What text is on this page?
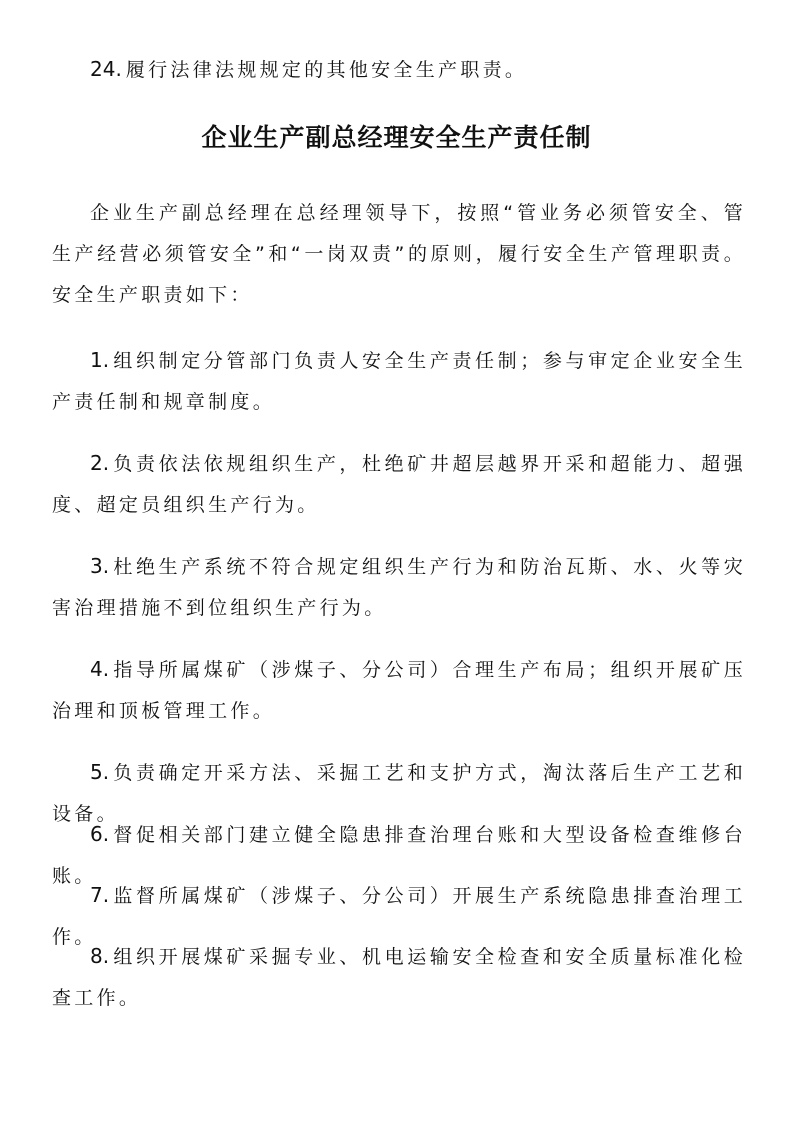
24. 履行法律法规规定的其他安全生产职责。

企业生产副总经理安全生产责任制

企业生产副总经理在总经理领导下，按照“管业务必须管安全、管生产经营必须管安全”和“一岗双责”的原则，履行安全生产管理职责。安全生产职责如下：

1. 组织制定分管部门负责人安全生产责任制；参与审定企业安全生产责任制和规章制度。

2. 负责依法依规组织生产，杜绝矿井超层越界开采和超能力、超强度、超定员组织生产行为。

3. 杜绝生产系统不符合规定组织生产行为和防治瓦斯、水、火等灾害治理措施不到位组织生产行为。

4. 指导所属煤矿（涉煤子、分公司）合理生产布局；组织开展矿压治理和顶板管理工作。

5. 负责确定开采方法、采掘工艺和支护方式，淘汰落后生产工艺和设备。

6. 督促相关部门建立健全隐患排查治理台账和大型设备检查维修台账。

7. 监督所属煤矿（涉煤子、分公司）开展生产系统隐患排查治理工作。

8. 组织开展煤矿采掘专业、机电运输安全检查和安全质量标准化检查工作。
